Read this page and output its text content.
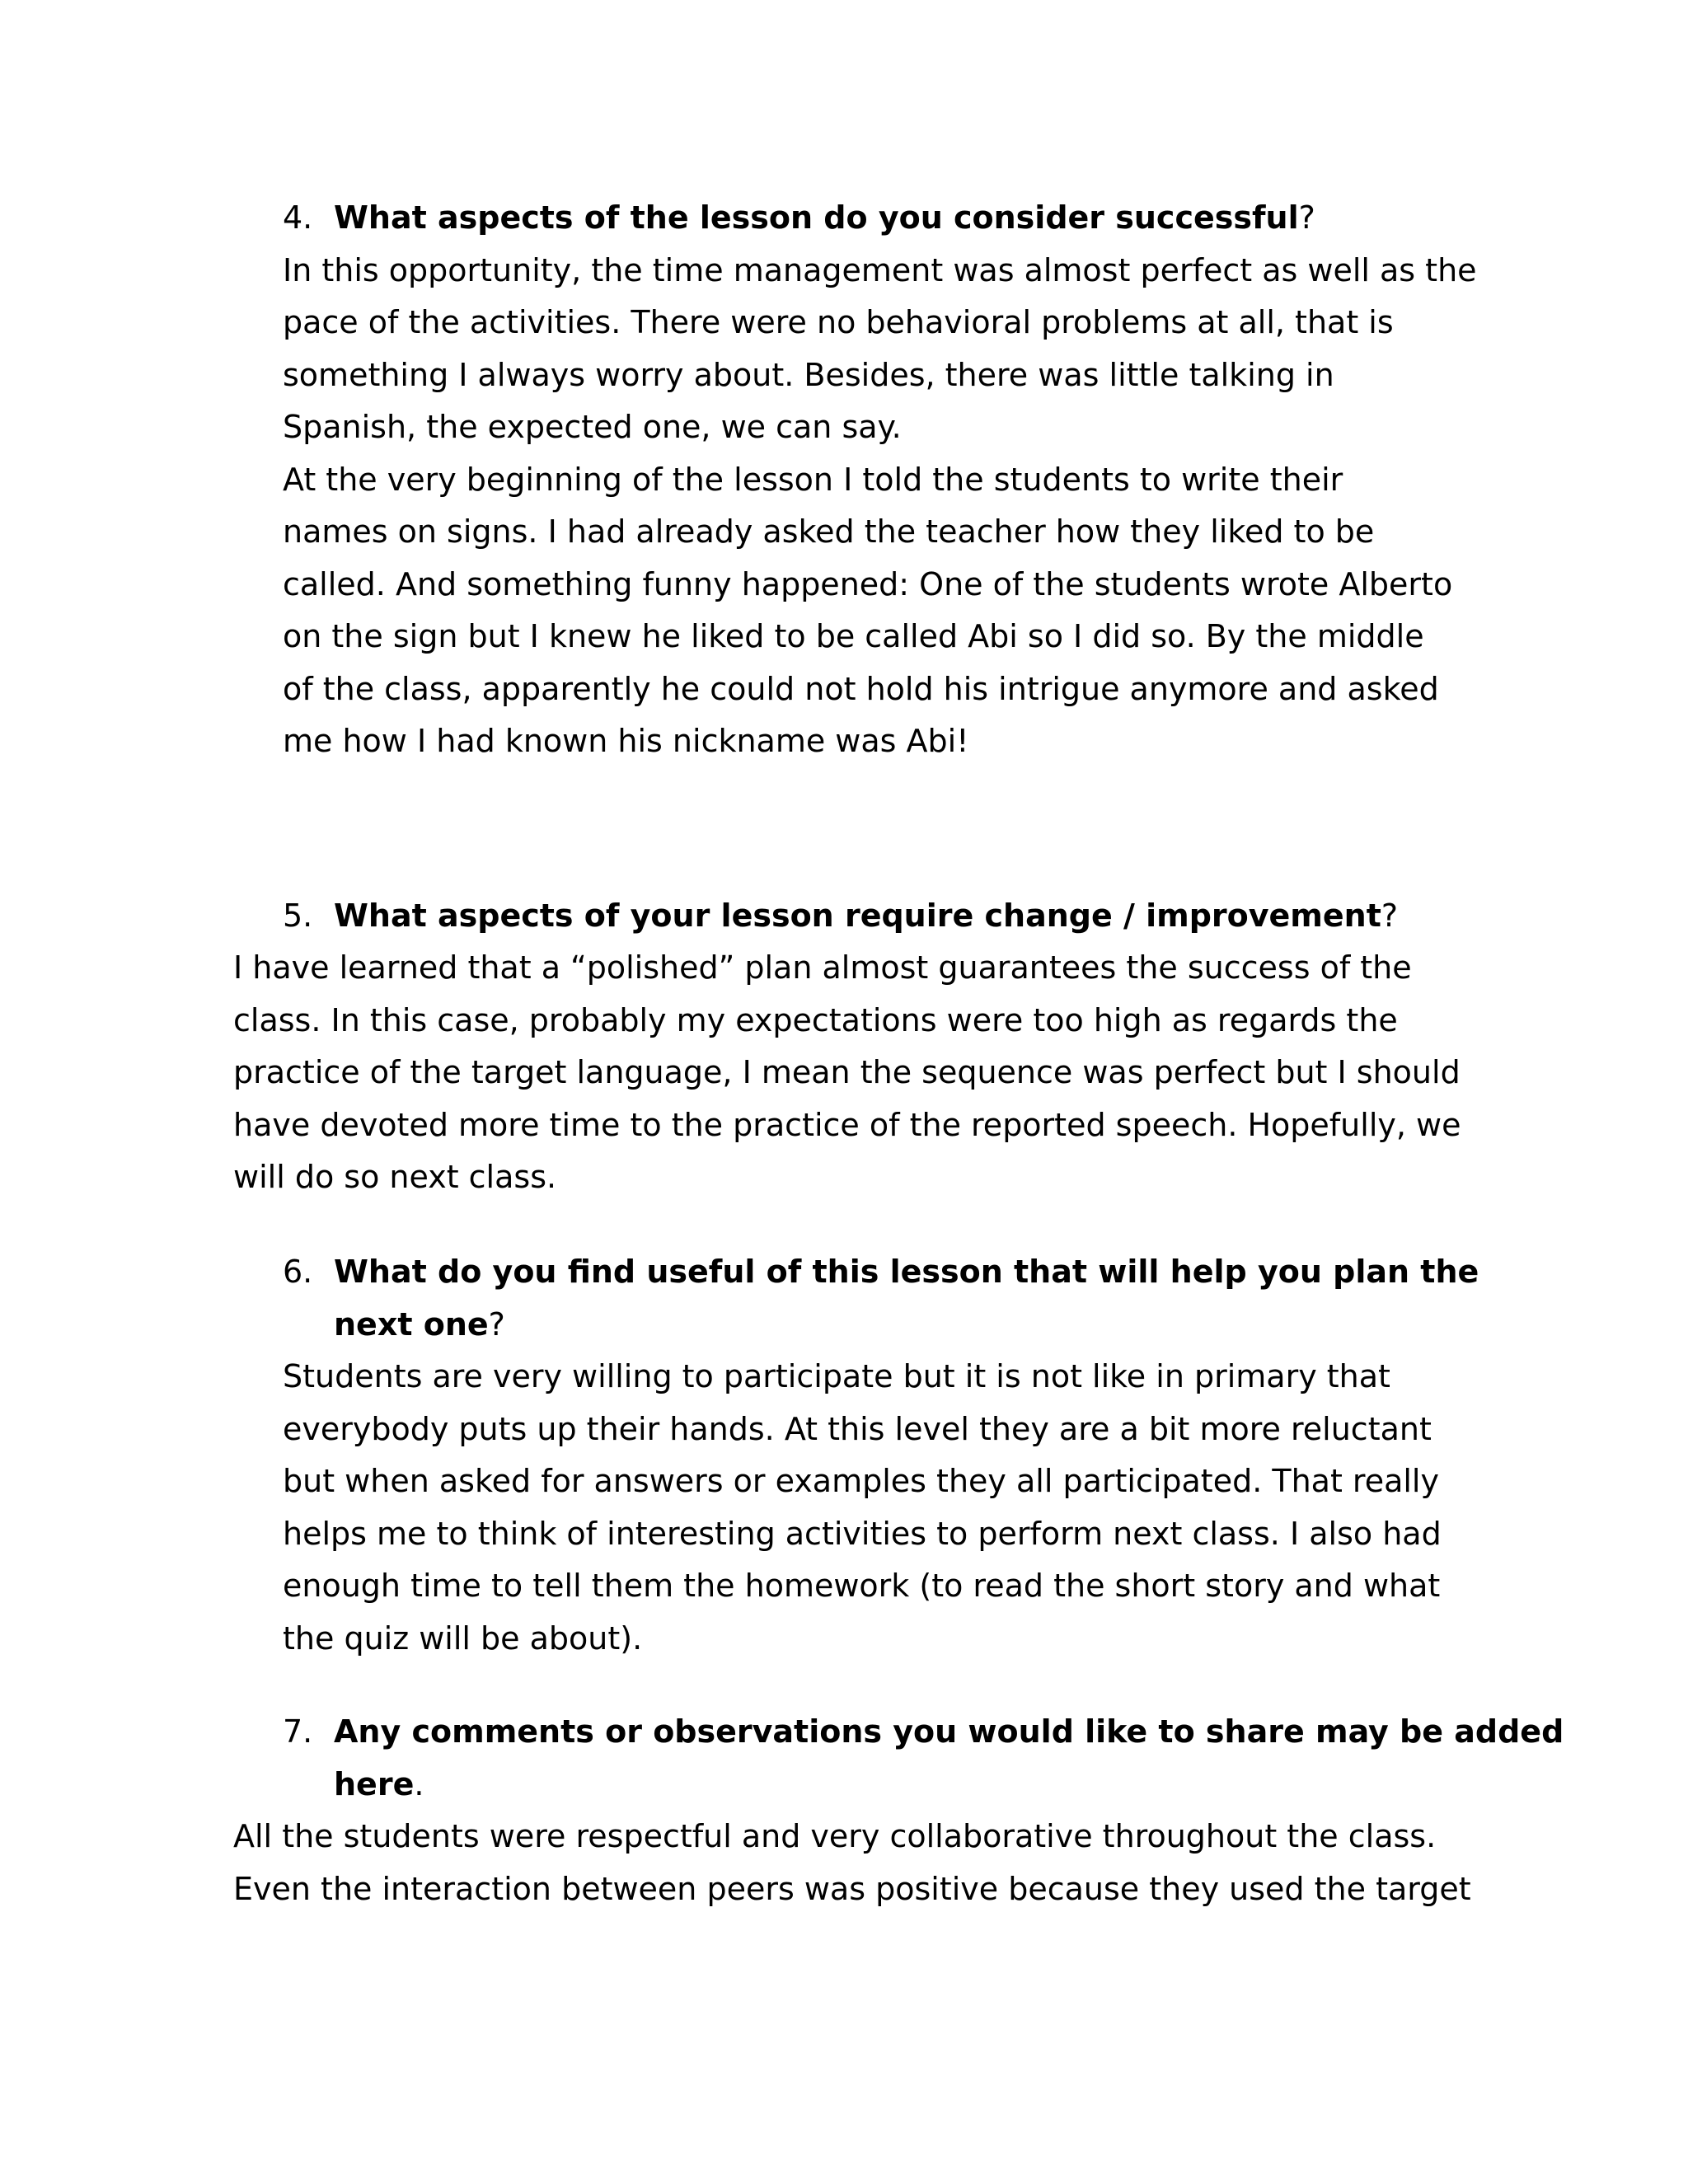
4. What aspects of the lesson do you consider successful?
In this opportunity, the time management was almost perfect as well as the
pace of the activities. There were no behavioral problems at all, that is
something I always worry about. Besides, there was little talking in
Spanish, the expected one, we can say.
At the very beginning of the lesson I told the students to write their
names on signs. I had already asked the teacher how they liked to be
called. And something funny happened: One of the students wrote Alberto
on the sign but I knew he liked to be called Abi so I did so. By the middle
of the class, apparently he could not hold his intrigue anymore and asked
me how I had known his nickname was Abi!
5. What aspects of your lesson require change / improvement?
I have learned that a “polished” plan almost guarantees the success of the
class. In this case, probably my expectations were too high as regards the
practice of the target language, I mean the sequence was perfect but I should
have devoted more time to the practice of the reported speech. Hopefully, we
will do so next class.
6. What do you find useful of this lesson that will help you plan the
next one?
Students are very willing to participate but it is not like in primary that
everybody puts up their hands. At this level they are a bit more reluctant
but when asked for answers or examples they all participated. That really
helps me to think of interesting activities to perform next class. I also had
enough time to tell them the homework (to read the short story and what
the quiz will be about).
7. Any comments or observations you would like to share may be added
here.
All the students were respectful and very collaborative throughout the class.
Even the interaction between peers was positive because they used the target
